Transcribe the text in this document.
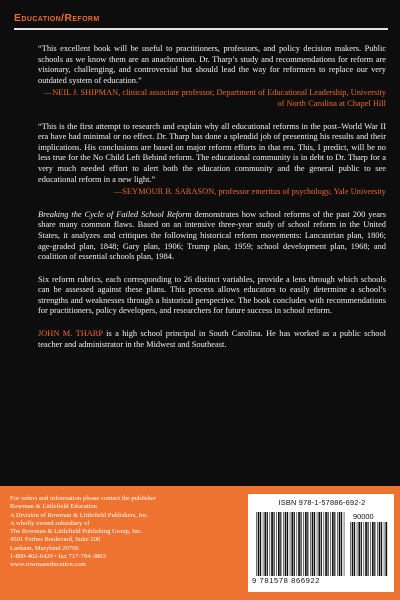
Education/Reform

“This excellent book will be useful to practitioners, professors, and policy decision makers. Public schools as we know them are an anachronism. Dr. Tharp’s study and recommendations for reform are visionary, challenging, and controversial but should lead the way for reformers to replace our very outdated system of education.”

—NEIL J. SHIPMAN, clinical associate professor, Department of Educational Leadership, University of North Carolina at Chapel Hill

“This is the first attempt to research and explain why all educational reforms in the post–World War II era have had minimal or no effect. Dr. Tharp has done a splendid job of presenting his results and their implications. His conclusions are based on major reform efforts in that era. This, I predict, will be no less true for the No Child Left Behind reform. The educational community is in debt to Dr. Tharp for a very much needed effort to alert both the education community and the general public to see educational reform in a new light.”

—SEYMOUR B. SARASON, professor emeritus of psychology, Yale University

Breaking the Cycle of Failed School Reform demonstrates how school reforms of the past 200 years share many common flaws. Based on an intensive three-year study of school reform in the United States, it analyzes and critiques the following historical reform movements: Lancastrian plan, 1806; age-graded plan, 1848; Gary plan, 1906; Trump plan, 1959; school development plan, 1968; and coalition of essential schools plan, 1984.

Six reform rubrics, each corresponding to 26 distinct variables, provide a lens through which schools can be assessed against these plans. This process allows educators to easily determine a school’s strengths and weaknesses through a historical perspective. The book concludes with recommendations for practitioners, policy developers, and researchers for future success in school reform.

JOHN M. THARP is a high school principal in South Carolina. He has worked as a public school teacher and administrator in the Midwest and Southeast.

For orders and information please contact the publisher
Rowman & Littlefield Education
A Division of Rowman & Littlefield Publishers, Inc.
A wholly owned subsidiary of
The Rowman & Littlefield Publishing Group, Inc.
4501 Forbes Boulevard, Suite 200
Lanham, Maryland 20706
1-800-462-6420 • fax 717-794-3803
www.rowmaneducation.com
ISBN 978-1-57886-692-2
90000
9 781578 866922
